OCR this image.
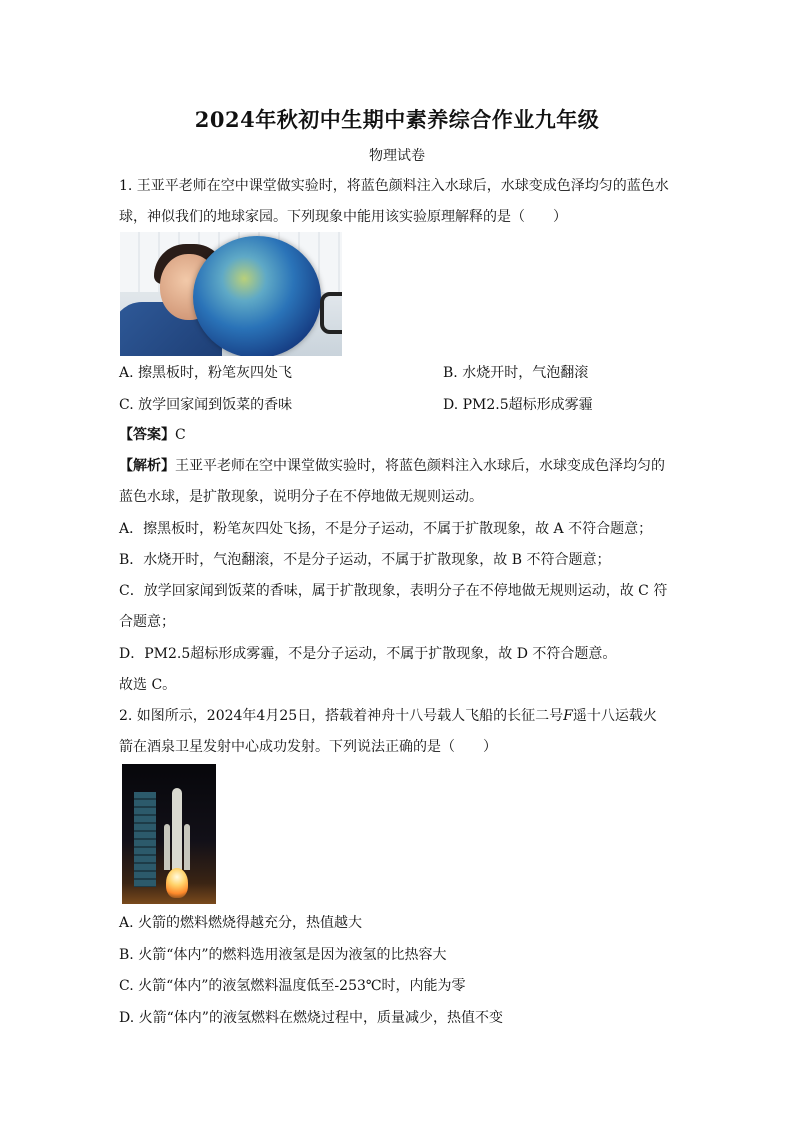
2024年秋初中生期中素养综合作业九年级
物理试卷
1. 王亚平老师在空中课堂做实验时，将蓝色颜料注入水球后，水球变成色泽均匀的蓝色水
球，神似我们的地球家园。下列现象中能用该实验原理解释的是（　　）
A. 擦黑板时，粉笔灰四处飞	B. 水烧开时，气泡翻滚
C. 放学回家闻到饭菜的香味	D. PM2.5超标形成雾霾
【答案】C
【解析】王亚平老师在空中课堂做实验时，将蓝色颜料注入水球后，水球变成色泽均匀的
蓝色水球，是扩散现象，说明分子在不停地做无规则运动。
A．擦黑板时，粉笔灰四处飞扬，不是分子运动，不属于扩散现象，故 A 不符合题意；
B．水烧开时，气泡翻滚，不是分子运动，不属于扩散现象，故 B 不符合题意；
C．放学回家闻到饭菜的香味，属于扩散现象，表明分子在不停地做无规则运动，故 C 符
合题意；
D．PM2.5超标形成雾霾，不是分子运动，不属于扩散现象，故 D 不符合题意。
故选 C。
2. 如图所示，2024年4月25日，搭载着神舟十八号载人飞船的长征二号F遥十八运载火
箭在酒泉卫星发射中心成功发射。下列说法正确的是（　　）
A. 火箭的燃料燃烧得越充分，热值越大
B. 火箭“体内”的燃料选用液氢是因为液氢的比热容大
C. 火箭“体内”的液氢燃料温度低至-253℃时，内能为零
D. 火箭“体内”的液氢燃料在燃烧过程中，质量减少，热值不变
